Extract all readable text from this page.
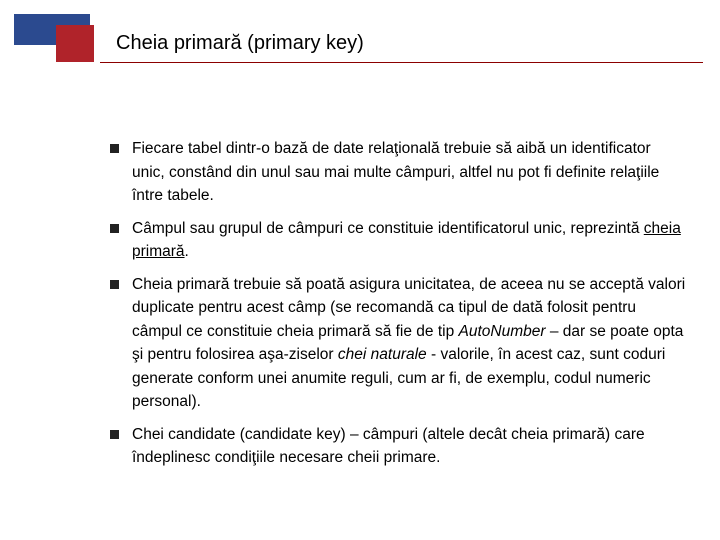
Cheia primară (primary key)
Fiecare tabel dintr-o bază de date relaţională trebuie să aibă un identificator unic, constând din unul sau mai multe câmpuri, altfel nu pot fi definite relaţiile între tabele.
Câmpul sau grupul de câmpuri ce constituie identificatorul unic, reprezintă cheia primară.
Cheia primară trebuie să poată asigura unicitatea, de aceea nu se acceptă valori duplicate pentru acest câmp (se recomandă ca tipul de dată folosit pentru câmpul ce constituie cheia primară să fie de tip AutoNumber – dar se poate opta şi pentru folosirea aşa-ziselor chei naturale - valorile, în acest caz, sunt coduri generate conform unei anumite reguli, cum ar fi, de exemplu, codul numeric personal).
Chei candidate (candidate key) – câmpuri (altele decât cheia primară) care îndeplinesc condiţiile necesare cheii primare.
